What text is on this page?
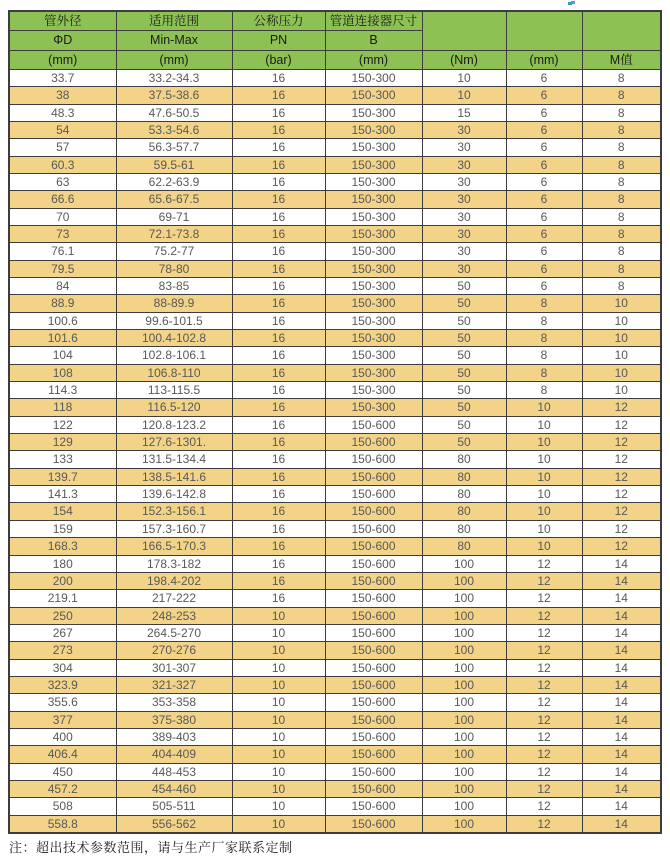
管外径	适用范围	公称压力	管道连接器尺寸			
ΦD	Min-Max	PN	B			
(mm)	(mm)	(bar)	(mm)	(Nm)	(mm)	M值
33.7	33.2-34.3	16	150-300	10	6	8
38	37.5-38.6	16	150-300	10	6	8
48.3	47.6-50.5	16	150-300	15	6	8
54	53.3-54.6	16	150-300	30	6	8
57	56.3-57.7	16	150-300	30	6	8
60.3	59.5-61	16	150-300	30	6	8
63	62.2-63.9	16	150-300	30	6	8
66.6	65.6-67.5	16	150-300	30	6	8
70	69-71	16	150-300	30	6	8
73	72.1-73.8	16	150-300	30	6	8
76.1	75.2-77	16	150-300	30	6	8
79.5	78-80	16	150-300	30	6	8
84	83-85	16	150-300	50	6	8
88.9	88-89.9	16	150-300	50	8	10
100.6	99.6-101.5	16	150-300	50	8	10
101.6	100.4-102.8	16	150-300	50	8	10
104	102.8-106.1	16	150-300	50	8	10
108	106.8-110	16	150-300	50	8	10
114.3	113-115.5	16	150-300	50	8	10
118	116.5-120	16	150-300	50	10	12
122	120.8-123.2	16	150-600	50	10	12
129	127.6-1301.	16	150-600	50	10	12
133	131.5-134.4	16	150-600	80	10	12
139.7	138.5-141.6	16	150-600	80	10	12
141.3	139.6-142.8	16	150-600	80	10	12
154	152.3-156.1	16	150-600	80	10	12
159	157.3-160.7	16	150-600	80	10	12
168.3	166.5-170.3	16	150-600	80	10	12
180	178.3-182	16	150-600	100	12	14
200	198.4-202	16	150-600	100	12	14
219.1	217-222	16	150-600	100	12	14
250	248-253	10	150-600	100	12	14
267	264.5-270	10	150-600	100	12	14
273	270-276	10	150-600	100	12	14
304	301-307	10	150-600	100	12	14
323.9	321-327	10	150-600	100	12	14
355.6	353-358	10	150-600	100	12	14
377	375-380	10	150-600	100	12	14
400	389-403	10	150-600	100	12	14
406.4	404-409	10	150-600	100	12	14
450	448-453	10	150-600	100	12	14
457.2	454-460	10	150-600	100	12	14
508	505-511	10	150-600	100	12	14
558.8	556-562	10	150-600	100	12	14
注：超出技术参数范围，请与生产厂家联系定制
